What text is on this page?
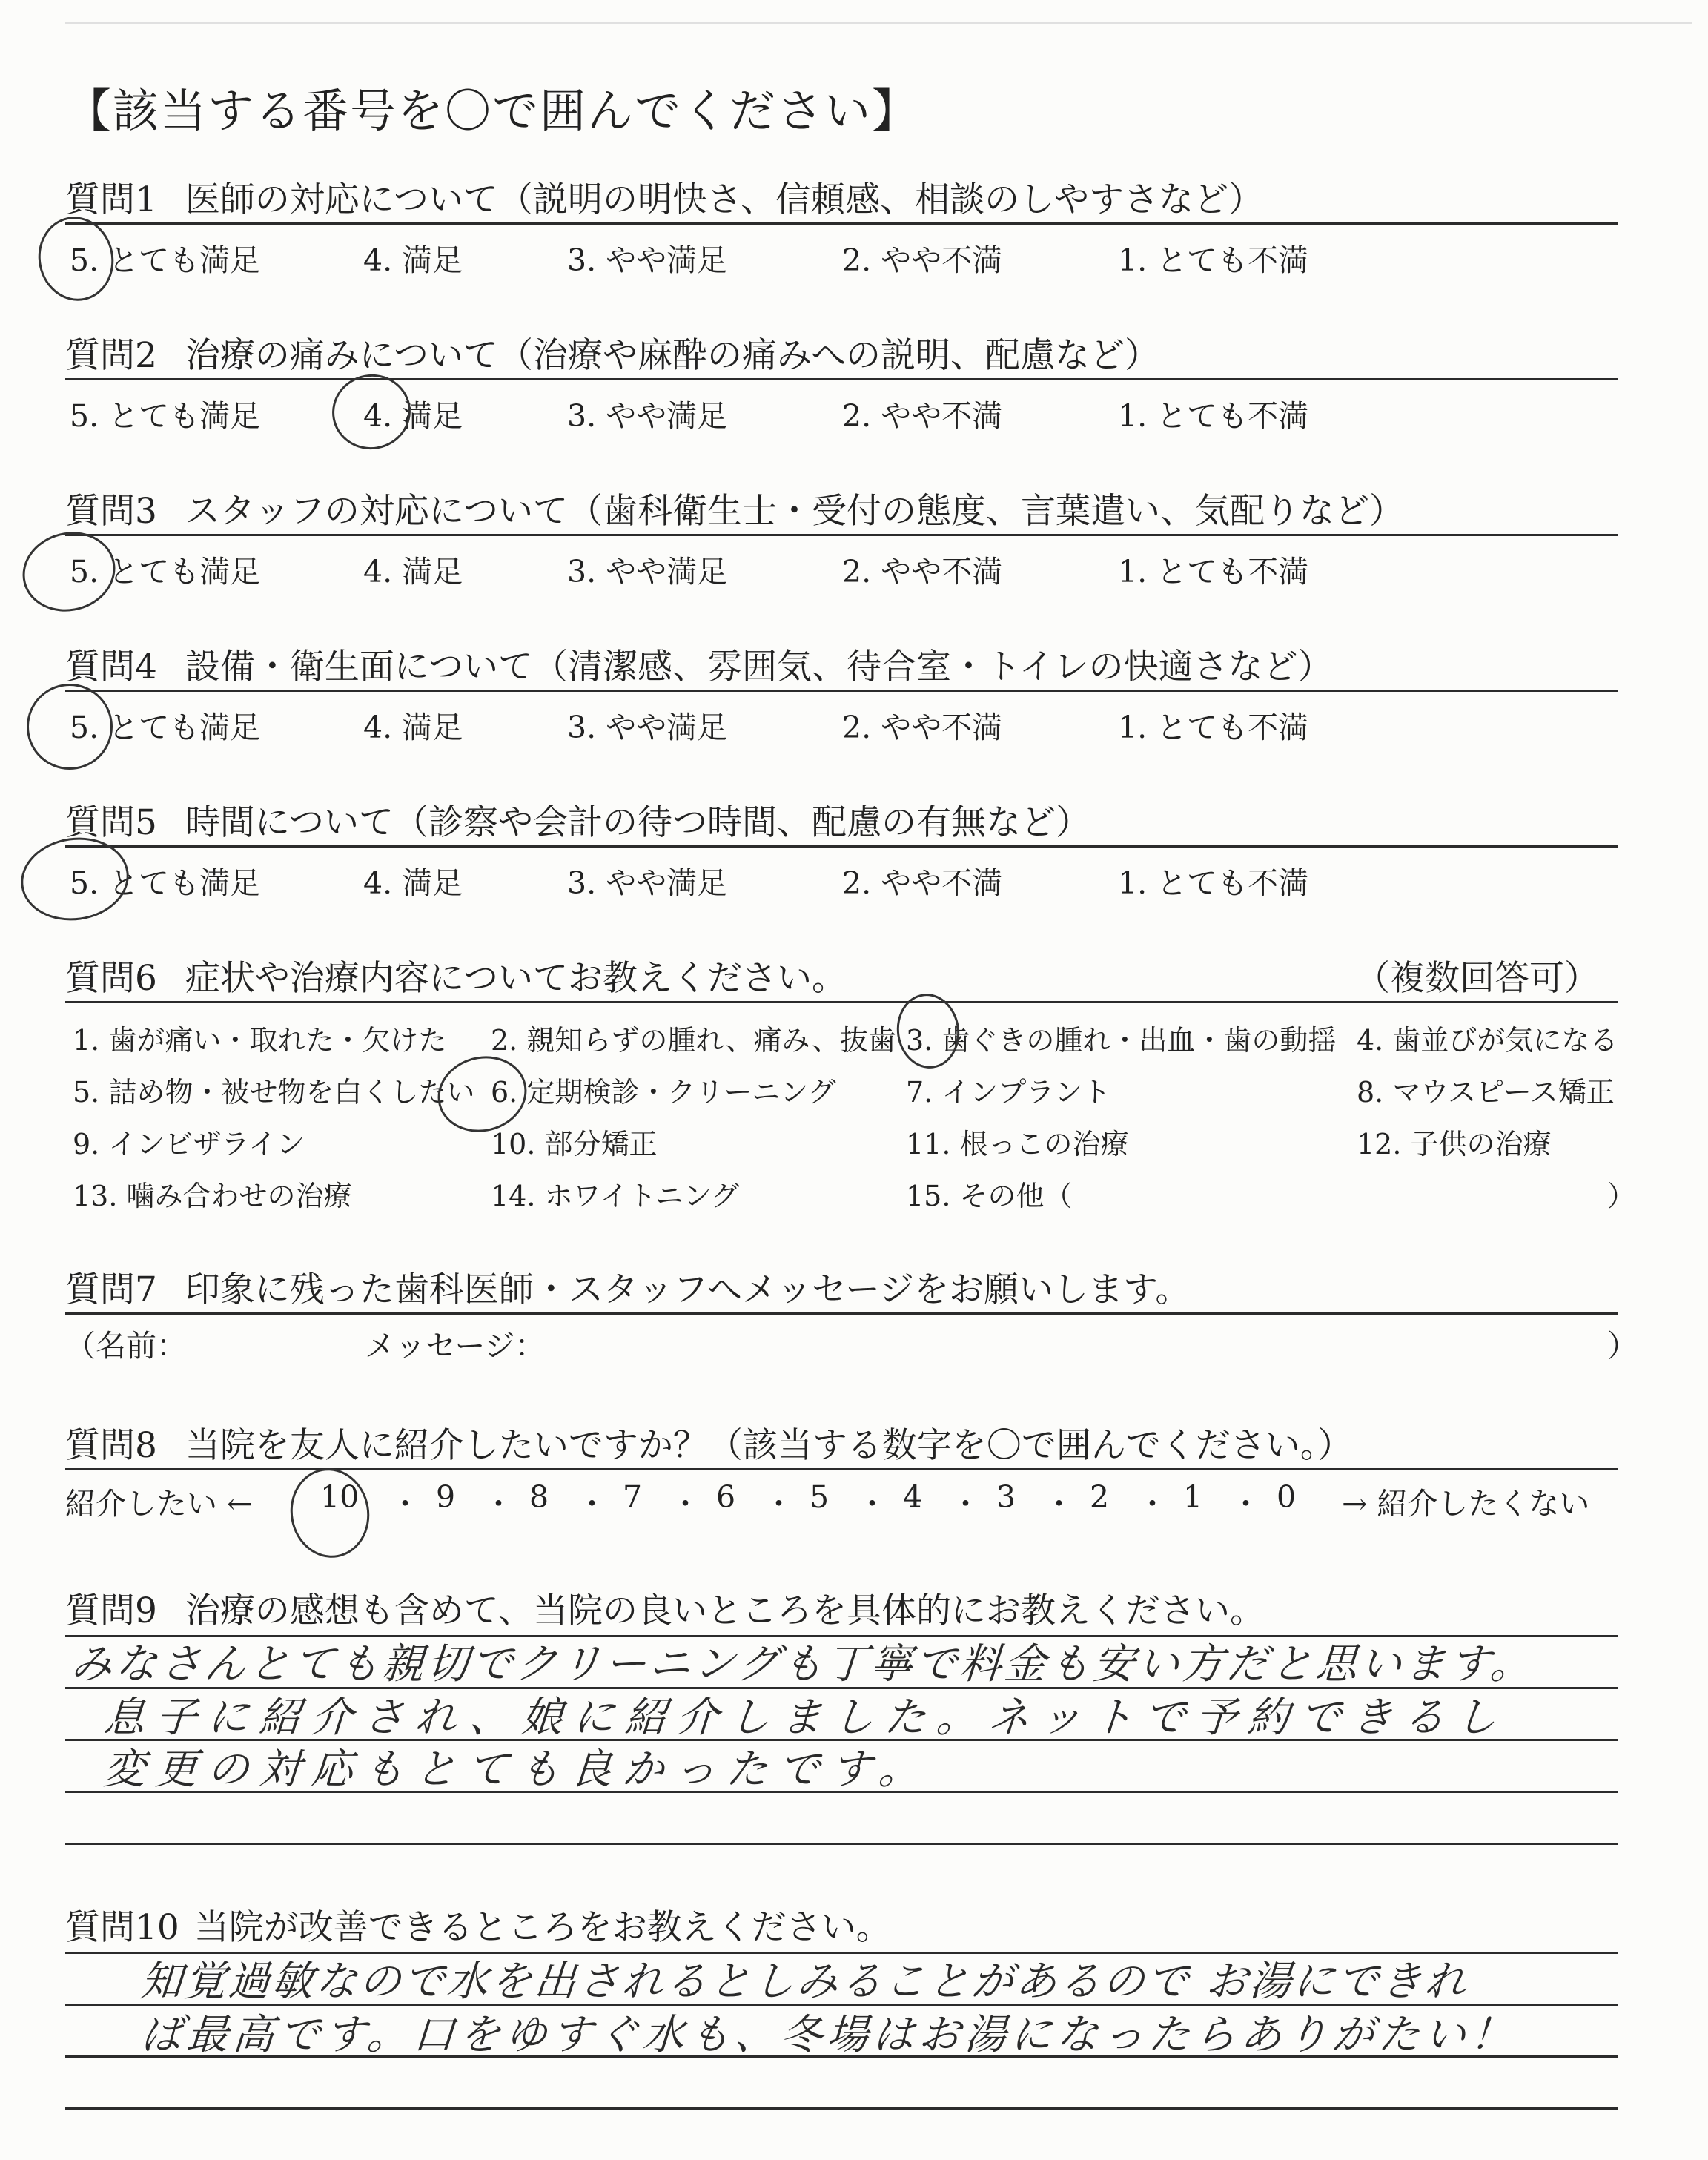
【該当する番号を〇で囲んでください】
質問1 医師の対応について（説明の明快さ、信頼感、相談のしやすさなど）
5. とても満足	4. 満足	3. やや満足	2. やや不満	1. とても不満
質問2 治療の痛みについて（治療や麻酔の痛みへの説明、配慮など）
5. とても満足	4. 満足	3. やや満足	2. やや不満	1. とても不満
質問3 スタッフの対応について（歯科衛生士・受付の態度、言葉遣い、気配りなど）
5. とても満足	4. 満足	3. やや満足	2. やや不満	1. とても不満
質問4 設備・衛生面について（清潔感、雰囲気、待合室・トイレの快適さなど）
5. とても満足	4. 満足	3. やや満足	2. やや不満	1. とても不満
質問5 時間について（診察や会計の待つ時間、配慮の有無など）
5. とても満足	4. 満足	3. やや満足	2. やや不満	1. とても不満
質問6 症状や治療内容についてお教えください。	（複数回答可）
1. 歯が痛い・取れた・欠けた 2. 親知らずの腫れ、痛み、抜歯 3. 歯ぐきの腫れ・出血・歯の動揺 4. 歯並びが気になる
5. 詰め物・被せ物を白くしたい 6. 定期検診・クリーニング 7. インプラント	8. マウスピース矯正
9. インビザライン	10. 部分矯正	11. 根っこの治療	12. 子供の治療
13. 噛み合わせの治療	14. ホワイトニング	15. その他（	）
質問7 印象に残った歯科医師・スタッフへメッセージをお願いします。
（名前：	メッセージ：	）
質問8 当院を友人に紹介したいですか？（該当する数字を〇で囲んでください。）
紹介したい ← 10 ・ 9 ・ 8 ・ 7 ・ 6 ・ 5 ・ 4 ・ 3 ・ 2 ・ 1 ・ 0 → 紹介したくない
質問9 治療の感想も含めて、当院の良いところを具体的にお教えください。
みなさんとても親切でクリーニングも丁寧で料金も安い方だと思います。
息子に紹介され、娘に紹介しました。ネットで予約できるし
変更の対応もとても良かったです。
質問10 当院が改善できるところをお教えください。
知覚過敏なので水を出されるとしみることがあるので お湯にできれ
ば最高です。口をゆすぐ水も、冬場はお湯になったらありがたい！
